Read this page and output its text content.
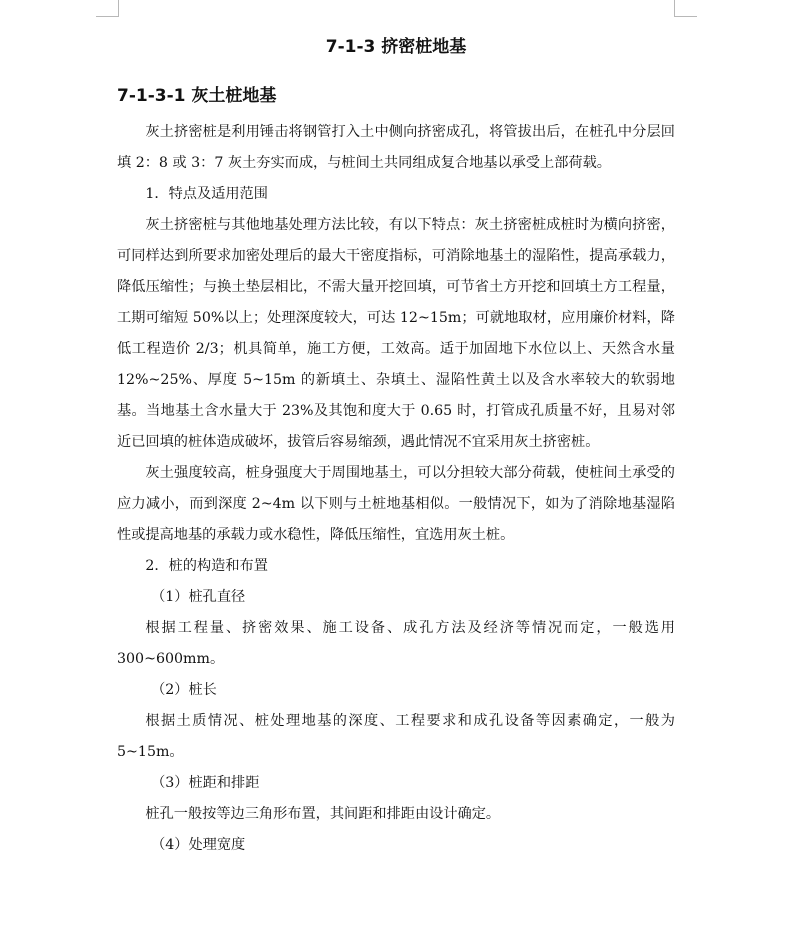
7-1-3 挤密桩地基
7-1-3-1 灰土桩地基

灰土挤密桩是利用锤击将钢管打入土中侧向挤密成孔，将管拔出后，在桩孔中分层回填 2：8 或 3：7 灰土夯实而成，与桩间土共同组成复合地基以承受上部荷载。

1．特点及适用范围

灰土挤密桩与其他地基处理方法比较，有以下特点：灰土挤密桩成桩时为横向挤密，可同样达到所要求加密处理后的最大干密度指标，可消除地基土的湿陷性，提高承载力，降低压缩性；与换土垫层相比，不需大量开挖回填，可节省土方开挖和回填土方工程量，工期可缩短 50%以上；处理深度较大，可达 12~15m；可就地取材，应用廉价材料，降低工程造价 2/3；机具简单，施工方便，工效高。适于加固地下水位以上、天然含水量 12%~25%、厚度 5~15m 的新填土、杂填土、湿陷性黄土以及含水率较大的软弱地基。当地基土含水量大于 23%及其饱和度大于 0.65 时，打管成孔质量不好，且易对邻近已回填的桩体造成破坏，拔管后容易缩颈，遇此情况不宜采用灰土挤密桩。

灰土强度较高，桩身强度大于周围地基土，可以分担较大部分荷载，使桩间土承受的应力减小，而到深度 2~4m 以下则与土桩地基相似。一般情况下，如为了消除地基湿陷性或提高地基的承载力或水稳性，降低压缩性，宜选用灰土桩。

2．桩的构造和布置

（1）桩孔直径

根据工程量、挤密效果、施工设备、成孔方法及经济等情况而定，一般选用 300~600mm。

（2）桩长

根据土质情况、桩处理地基的深度、工程要求和成孔设备等因素确定，一般为 5~15m。

（3）桩距和排距

桩孔一般按等边三角形布置，其间距和排距由设计确定。

（4）处理宽度
